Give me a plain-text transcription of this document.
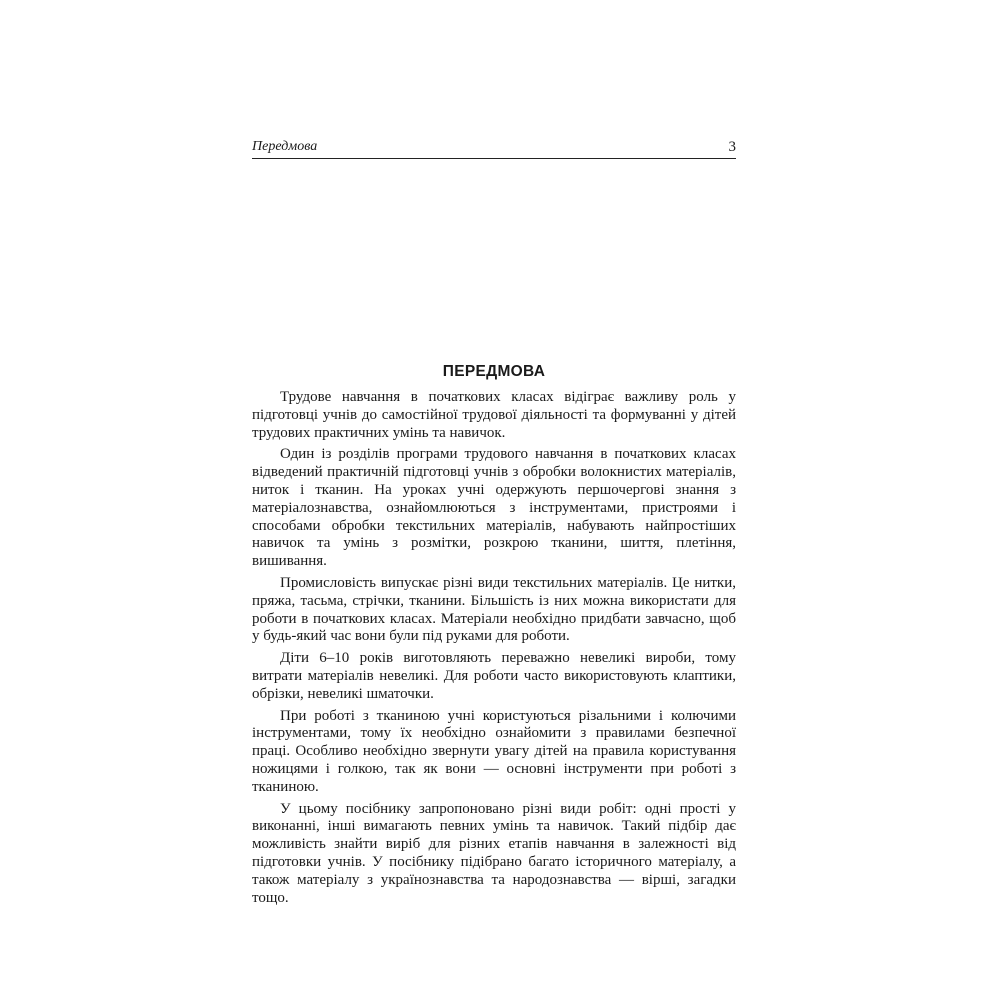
Передмова	3
ПЕРЕДМОВА

Трудове навчання в початкових класах відіграє важливу роль у підготовці учнів до самостійної трудової діяльності та формуванні у дітей трудових практичних умінь та навичок.

Один із розділів програми трудового навчання в початкових класах відведений практичній підготовці учнів з обробки волокнистих матеріалів, ниток і тканин. На уроках учні одержують першочергові знання з матеріалознавства, ознайомлюються з інструментами, пристроями і способами обробки текстильних матеріалів, набувають найпростіших навичок та умінь з розмітки, розкрою тканини, шиття, плетіння, вишивання.

Промисловість випускає різні види текстильних матеріалів. Це нитки, пряжа, тасьма, стрічки, тканини. Більшість із них можна використати для роботи в початкових класах. Матеріали необхідно придбати завчасно, щоб у будь-який час вони були під руками для роботи.

Діти 6–10 років виготовляють переважно невеликі вироби, тому витрати матеріалів невеликі. Для роботи часто використовують клаптики, обрізки, невеликі шматочки.

При роботі з тканиною учні користуються різальними і колючими інструментами, тому їх необхідно ознайомити з правилами безпечної праці. Особливо необхідно звернути увагу дітей на правила користування ножицями і голкою, так як вони — основні інструменти при роботі з тканиною.

У цьому посібнику запропоновано різні види робіт: одні прості у виконанні, інші вимагають певних умінь та навичок. Такий підбір дає можливість знайти виріб для різних етапів навчання в залежності від підготовки учнів. У посібнику підібрано багато історичного матеріалу, а також матеріалу з українознавства та народознавства — вірші, загадки тощо.
